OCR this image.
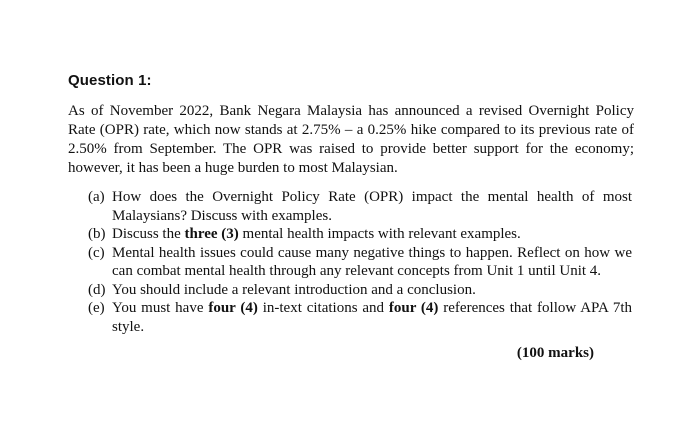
Question 1:
As of November 2022, Bank Negara Malaysia has announced a revised Overnight Policy Rate (OPR) rate, which now stands at 2.75% – a 0.25% hike compared to its previous rate of 2.50% from September. The OPR was raised to provide better support for the economy; however, it has been a huge burden to most Malaysian.
(a) How does the Overnight Policy Rate (OPR) impact the mental health of most Malaysians? Discuss with examples.
(b) Discuss the three (3) mental health impacts with relevant examples.
(c) Mental health issues could cause many negative things to happen. Reflect on how we can combat mental health through any relevant concepts from Unit 1 until Unit 4.
(d) You should include a relevant introduction and a conclusion.
(e) You must have four (4) in-text citations and four (4) references that follow APA 7th style.
(100 marks)
